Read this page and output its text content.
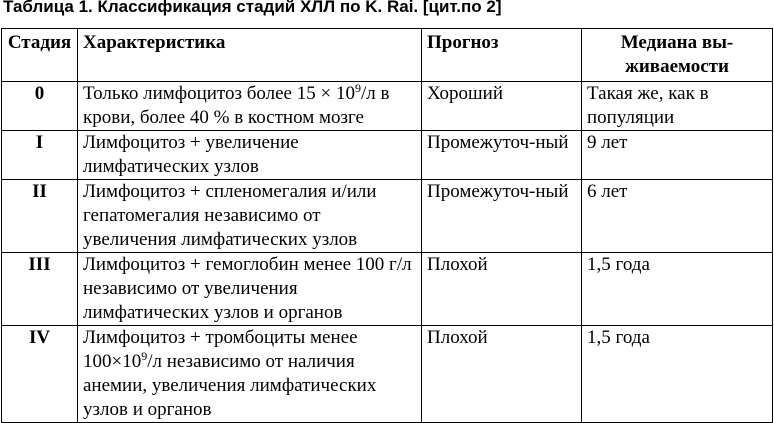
Таблица 1. Классификация стадий ХЛЛ по K. Rai. [цит.по 2]
Стадия	Характеристика	Прогноз	Медиана вы-живаемости
0	Только лимфоцитоз более $15 \times 10^9/л$ в крови, более 40 % в костном мозге	Хороший	Такая же, как в популяции
I	Лимфоцитоз + увеличение лимфатических узлов	Промежуточ-ный	9 лет
II	Лимфоцитоз + спленомегалия и/или гепатомегалия независимо от увеличения лимфатических узлов	Промежуточ-ный	6 лет
III	Лимфоцитоз + гемоглобин менее 100 г/л независимо от увеличения лимфатических узлов и органов	Плохой	1,5 года
IV	Лимфоцитоз + тромбоциты менее $100\times 10^9/л$ независимо от наличия анемии, увеличения лимфатических узлов и органов	Плохой	1,5 года
